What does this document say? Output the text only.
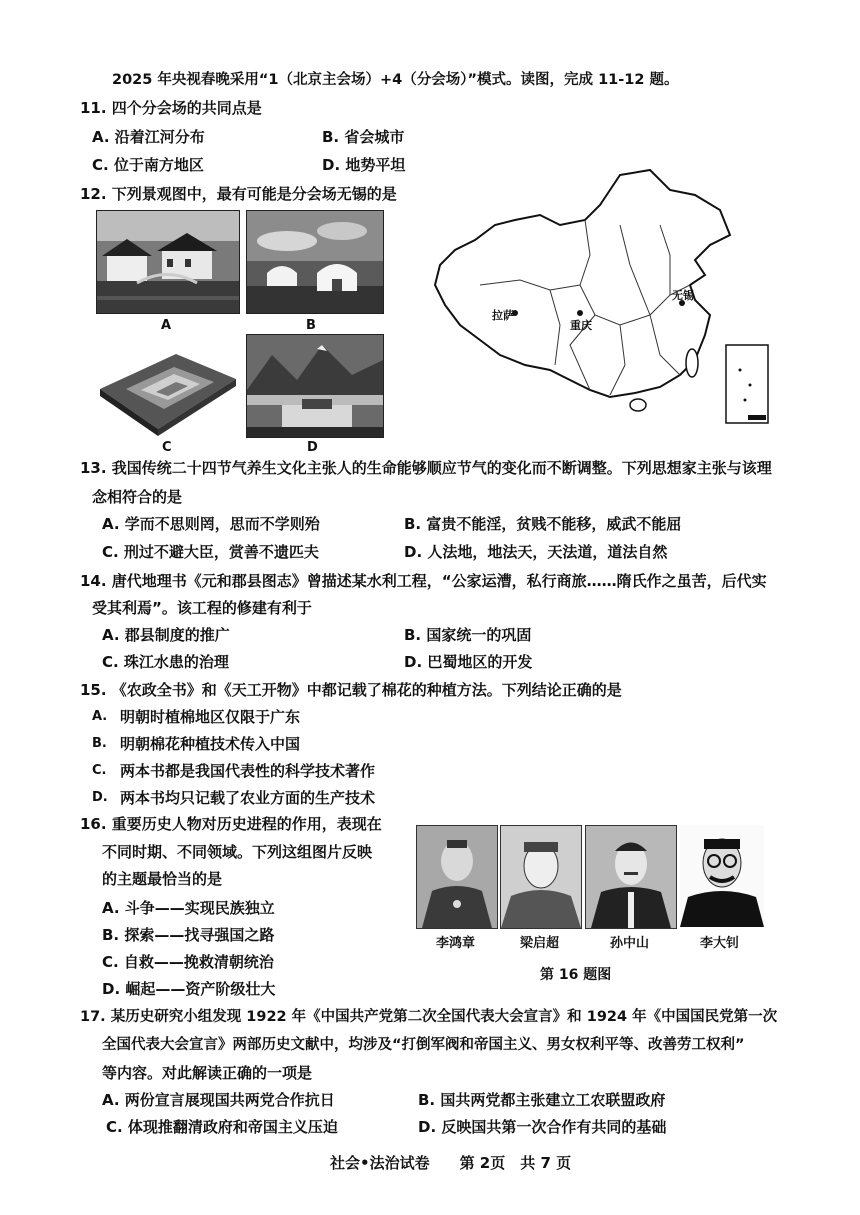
2025 年央视春晚采用“1（北京主会场）+4（分会场）”模式。读图，完成 11-12 题。
11. 四个分会场的共同点是
A. 沿着江河分布	B. 省会城市
C. 位于南方地区	D. 地势平坦
12. 下列景观图中，最有可能是分会场无锡的是
A	B
C	D
拉萨
重庆
无锡
13. 我国传统二十四节气养生文化主张人的生命能够顺应节气的变化而不断调整。下列思想家主张与该理
念相符合的是
A. 学而不思则罔，思而不学则殆	B. 富贵不能淫，贫贱不能移，威武不能屈
C. 刑过不避大臣，赏善不遗匹夫	D. 人法地，地法天，天法道，道法自然
14. 唐代地理书《元和郡县图志》曾描述某水利工程，“公家运漕，私行商旅……隋氏作之虽苦，后代实
受其利焉”。该工程的修建有利于
A. 郡县制度的推广	B. 国家统一的巩固
C. 珠江水患的治理	D. 巴蜀地区的开发
15. 《农政全书》和《天工开物》中都记载了棉花的种植方法。下列结论正确的是
A. 明朝时植棉地区仅限于广东
B. 明朝棉花种植技术传入中国
C. 两本书都是我国代表性的科学技术著作
D. 两本书均只记载了农业方面的生产技术
16. 重要历史人物对历史进程的作用，表现在
不同时期、不同领域。下列这组图片反映
的主题最恰当的是
A. 斗争——实现民族独立
B. 探索——找寻强国之路
C. 自救——挽救清朝统治
D. 崛起——资产阶级壮大
李鸿章	梁启超	孙中山	李大钊
第 16 题图
17. 某历史研究小组发现 1922 年《中国共产党第二次全国代表大会宣言》和 1924 年《中国国民党第一次
全国代表大会宣言》两部历史文献中，均涉及“打倒军阀和帝国主义、男女权利平等、改善劳工权利”
等内容。对此解读正确的一项是
A. 两份宣言展现国共两党合作抗日	B. 国共两党都主张建立工农联盟政府
C. 体现推翻清政府和帝国主义压迫	D. 反映国共第一次合作有共同的基础
社会•法治试卷　　第 2页　共 7 页
